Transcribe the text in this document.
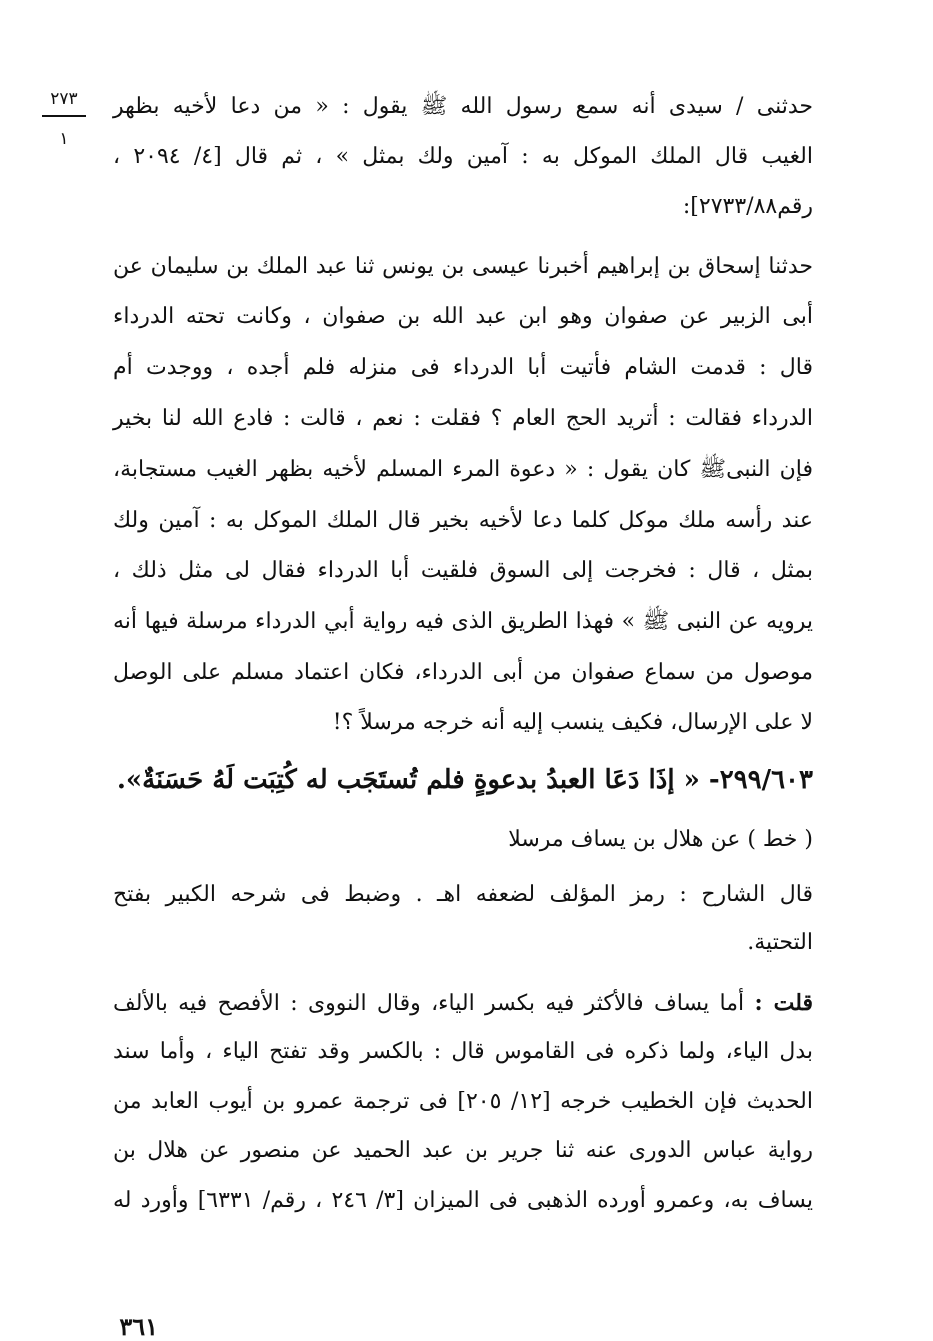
٢٧٣
١
حدثنى / سيدى أنه سمع رسول الله ﷺ يقول : « من دعا لأخيه بظهر
الغيب قال الملك الموكل به : آمين ولك بمثل » ، ثم قال [٤/ ٢٠٩٤ ،
رقم٢٧٣٣/٨٨]:
حدثنا إسحاق بن إبراهيم أخبرنا عيسى بن يونس ثنا عبد الملك بن سليمان عن
أبى الزبير عن صفوان وهو ابن عبد الله بن صفوان ، وكانت تحته الدرداء
قال : قدمت الشام فأتيت أبا الدرداء فى منزله فلم أجده ، ووجدت أم
الدرداء فقالت : أتريد الحج العام ؟ فقلت : نعم ، قالت : فادع الله لنا بخير
فإن النبىﷺ كان يقول : « دعوة المرء المسلم لأخيه بظهر الغيب مستجابة،
عند رأسه ملك موكل كلما دعا لأخيه بخير قال الملك الموكل به : آمين ولك
بمثل ، قال : فخرجت إلى السوق فلقيت أبا الدرداء فقال لى مثل ذلك ،
يرويه عن النبى ﷺ » فهذا الطريق الذى فيه رواية أبي الدرداء مرسلة فيها أنه
موصول من سماع صفوان من أبى الدرداء، فكان اعتماد مسلم على الوصل
لا على الإرسال، فكيف ينسب إليه أنه خرجه مرسلاً ؟!
٢٩٩/٦٠٣- « إذَا دَعَا العبدُ بدعوةٍ فلم تُستَجَب له كُتِبَت لَهُ حَسَنَةٌ».
( خط ) عن هلال بن يساف مرسلا
قال الشارح : رمز المؤلف لضعفه اهـ . وضبط فى شرحه الكبير بفتح
التحتية.
قلت : أما يساف فالأكثر فيه بكسر الياء، وقال النووى : الأفصح فيه بالألف
بدل الياء، ولما ذكره فى القاموس قال : بالكسر وقد تفتح الياء ، وأما سند
الحديث فإن الخطيب خرجه [١٢/ ٢٠٥] فى ترجمة عمرو بن أيوب العابد من
رواية عباس الدورى عنه ثنا جرير بن عبد الحميد عن منصور عن هلال بن
يساف به، وعمرو أورده الذهبى فى الميزان [٣/ ٢٤٦ ، رقم/ ٦٣٣١] وأورد له
٣٦١
